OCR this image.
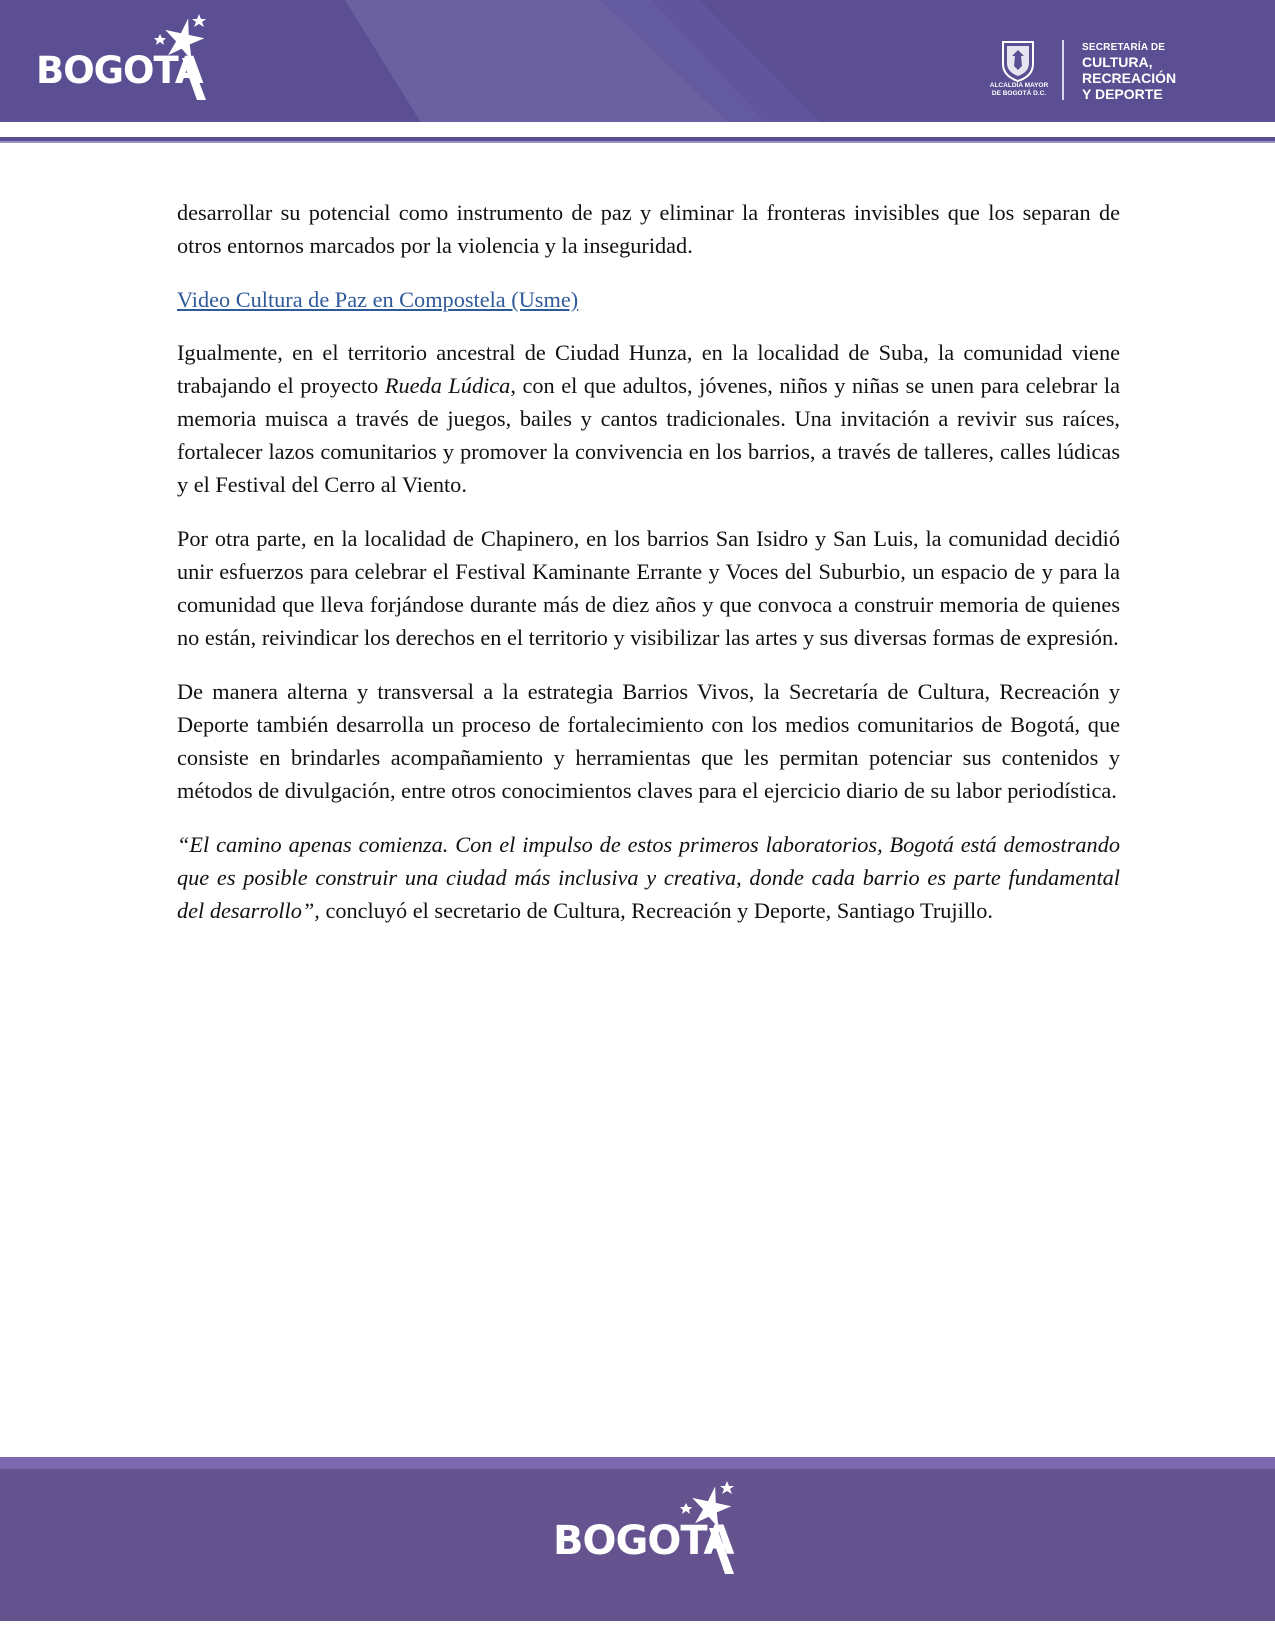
BOGOTA	ALCALDÍA MAYOR
DE BOGOTÁ D.C.
SECRETARÍA DE
CULTURA, RECREACIÓN
Y DEPORTE

desarrollar su potencial como instrumento de paz y eliminar la fronteras invisibles que los separan de otros entornos marcados por la violencia y la inseguridad.

Video Cultura de Paz en Compostela (Usme)

Igualmente, en el territorio ancestral de Ciudad Hunza, en la localidad de Suba, la comunidad viene trabajando el proyecto Rueda Lúdica, con el que adultos, jóvenes, niños y niñas se unen para celebrar la memoria muisca a través de juegos, bailes y cantos tradicionales. Una invitación a revivir sus raíces, fortalecer lazos comunitarios y promover la convivencia en los barrios, a través de talleres, calles lúdicas y el Festival del Cerro al Viento.

Por otra parte, en la localidad de Chapinero, en los barrios San Isidro y San Luis, la comunidad decidió unir esfuerzos para celebrar el Festival Kaminante Errante y Voces del Suburbio, un espacio de y para la comunidad que lleva forjándose durante más de diez años y que convoca a construir memoria de quienes no están, reivindicar los derechos en el territorio y visibilizar las artes y sus diversas formas de expresión.

De manera alterna y transversal a la estrategia Barrios Vivos, la Secretaría de Cultura, Recreación y Deporte también desarrolla un proceso de fortalecimiento con los medios comunitarios de Bogotá, que consiste en brindarles acompañamiento y herramientas que les permitan potenciar sus contenidos y métodos de divulgación, entre otros conocimientos claves para el ejercicio diario de su labor periodística.

“El camino apenas comienza. Con el impulso de estos primeros laboratorios, Bogotá está demostrando que es posible construir una ciudad más inclusiva y creativa, donde cada barrio es parte fundamental del desarrollo”, concluyó el secretario de Cultura, Recreación y Deporte, Santiago Trujillo.

BOGOTA
